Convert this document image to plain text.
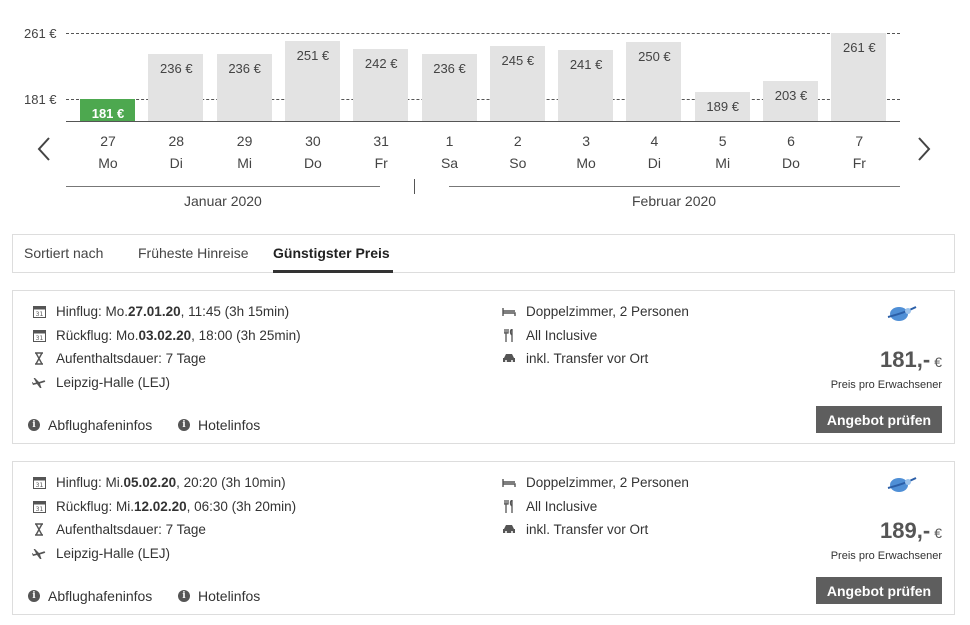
261 €
181 €
181 €
27
Mo
236 €
28
Di
236 €
29
Mi
251 €
30
Do
242 €
31
Fr
236 €
1
Sa
245 €
2
So
241 €
3
Mo
250 €
4
Di
189 €
5
Mi
203 €
6
Do
261 €
7
Fr
Januar 2020	Februar 2020
Sortiert nach Früheste Hinreise Günstigster Preis
31 Hinflug: Mo. 27.01.20 , 11:45 (3h 15min)
31 Rückflug: Mo. 03.02.20 , 18:00 (3h 25min)
Aufenthaltsdauer: 7 Tage
Leipzig-Halle (LEJ)
Doppelzimmer, 2 Personen
All Inclusive
inkl. Transfer vor Ort	181,- €
Preis pro Erwachsener
Angebot prüfen
i Abflughafeninfos	i Hotelinfos
31 Hinflug: Mi. 05.02.20 , 20:20 (3h 10min)
31 Rückflug: Mi. 12.02.20 , 06:30 (3h 20min)
Aufenthaltsdauer: 7 Tage
Leipzig-Halle (LEJ)
Doppelzimmer, 2 Personen
All Inclusive
inkl. Transfer vor Ort	189,- €
Preis pro Erwachsener
Angebot prüfen
i Abflughafeninfos	i Hotelinfos
